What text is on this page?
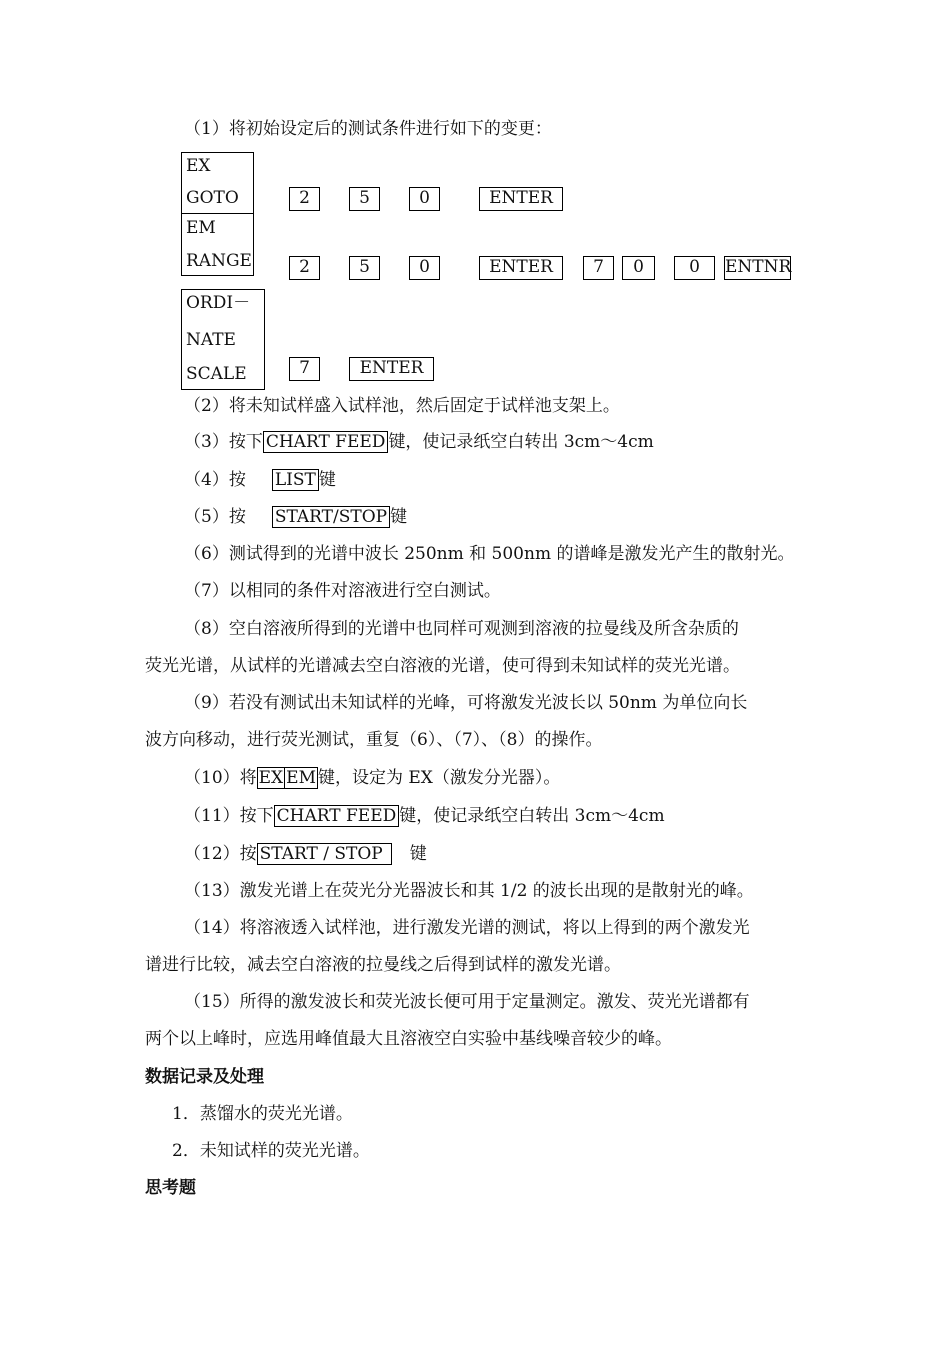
（1）将初始设定后的测试条件进行如下的变更：
EX
GOTO	2	5	0	ENTER
EM
RANGE	2	5	0	ENTER	7	0	0	ENTNR
ORDI－
NATE
SCALE	7	ENTER
（2）将未知试样盛入试样池，然后固定于试样池支架上。
（3）按下 CHART FEED 键，使记录纸空白转出 3cm～4cm
（4）按 LIST 键
（5）按 START/STOP 键
（6）测试得到的光谱中波长 250nm 和 500nm 的谱峰是激发光产生的散射光。
（7）以相同的条件对溶液进行空白测试。
（8）空白溶液所得到的光谱中也同样可观测到溶液的拉曼线及所含杂质的
荧光光谱，从试样的光谱减去空白溶液的光谱，使可得到未知试样的荧光光谱。
（9）若没有测试出未知试样的光峰，可将激发光波长以 50nm 为单位向长
波方向移动，进行荧光测试，重复（6）、（7）、（8）的操作。
（10）将 EX EM 键，设定为 EX（激发分光器）。
（11）按下 CHART FEED 键，使记录纸空白转出 3cm～4cm
（12）按 START / STOP 键
（13）激发光谱上在荧光分光器波长和其 1/2 的波长出现的是散射光的峰。
（14）将溶液透入试样池，进行激发光谱的测试，将以上得到的两个激发光
谱进行比较，减去空白溶液的拉曼线之后得到试样的激发光谱。
（15）所得的激发波长和荧光波长便可用于定量测定。激发、荧光光谱都有
两个以上峰时，应选用峰值最大且溶液空白实验中基线噪音较少的峰。
数据记录及处理
1．蒸馏水的荧光光谱。
2．未知试样的荧光光谱。
思考题
